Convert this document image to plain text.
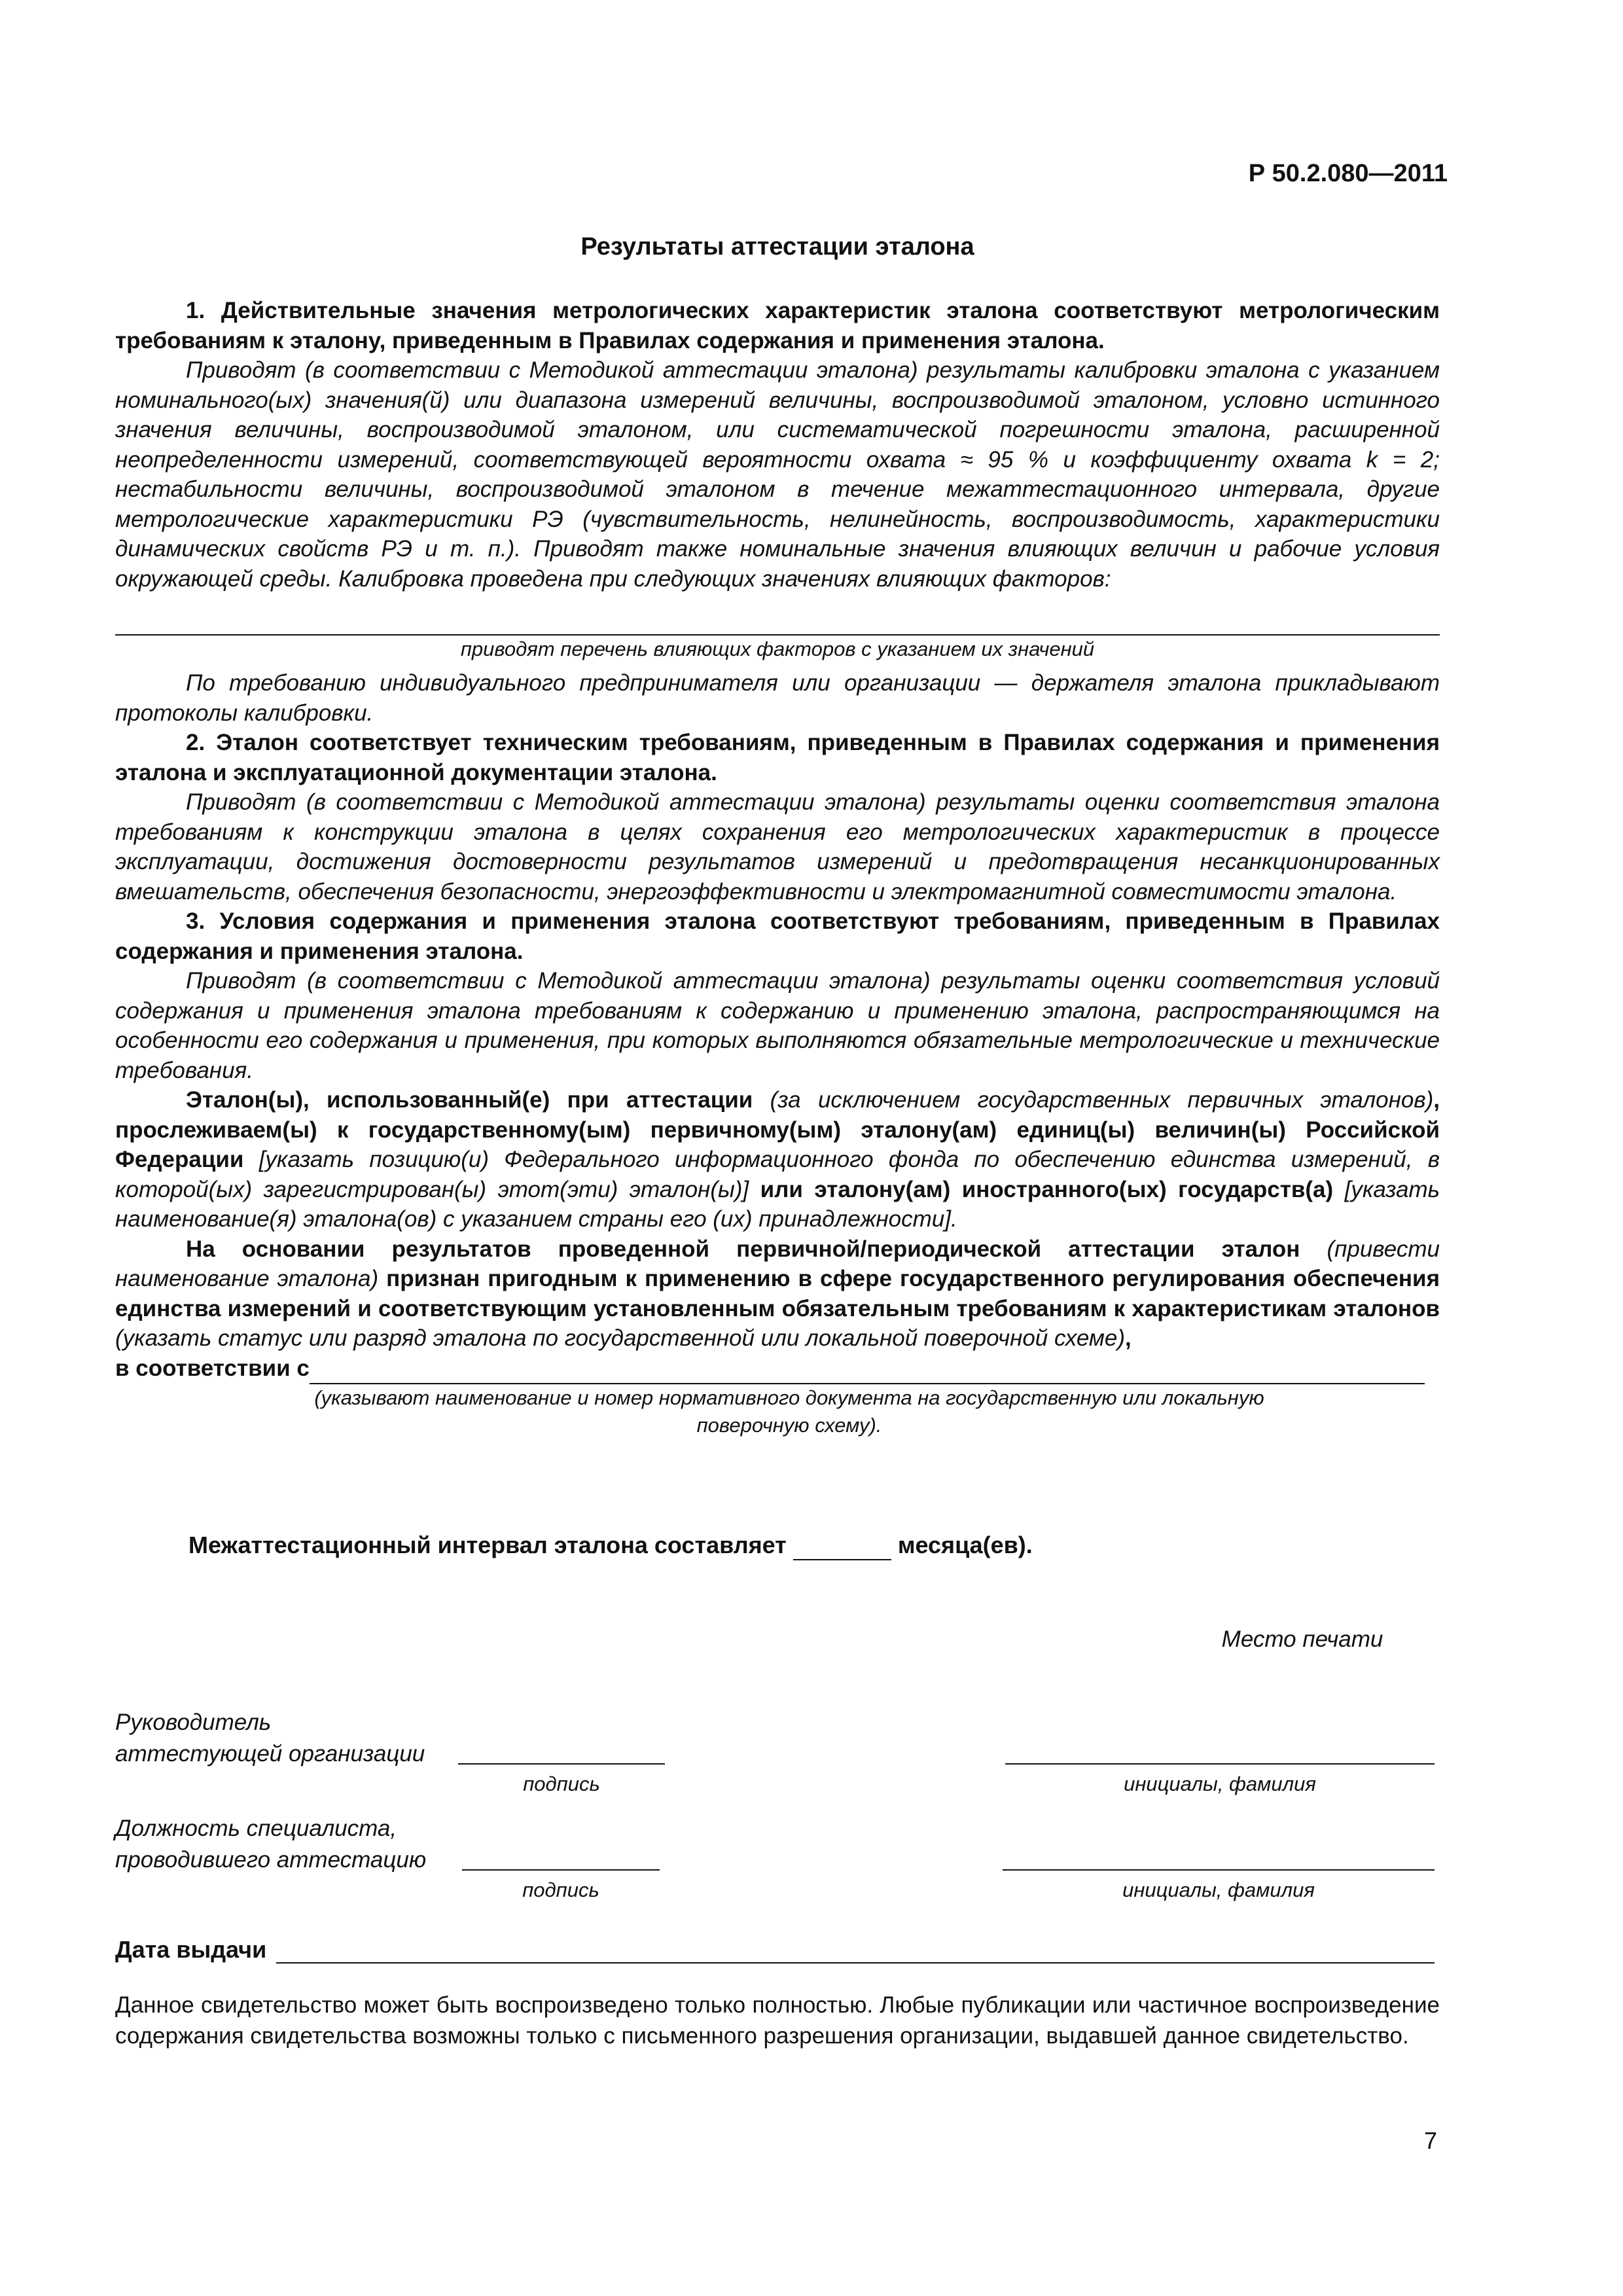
Р 50.2.080—2011
Результаты аттестации эталона

1. Действительные значения метрологических характеристик эталона соответствуют метрологическим требованиям к эталону, приведенным в Правилах содержания и применения эталона.

Приводят (в соответствии с Методикой аттестации эталона) результаты калибровки эталона с указанием номинального(ых) значения(й) или диапазона измерений величины, воспроизводимой эталоном, условно истинного значения величины, воспроизводимой эталоном, или систематической погрешности эталона, расширенной неопределенности измерений, соответствующей вероятности охвата ≈ 95 % и коэффициенту охвата k = 2; нестабильности величины, воспроизводимой эталоном в течение межаттестационного интервала, другие метрологические характеристики РЭ (чувствительность, нелинейность, воспроизводимость, характеристики динамических свойств РЭ и т. п.). Приводят также номинальные значения влияющих величин и рабочие условия окружающей среды. Калибровка проведена при следующих значениях влияющих факторов:

приводят перечень влияющих факторов с указанием их значений

По требованию индивидуального предпринимателя или организации — держателя эталона прикладывают протоколы калибровки.

2. Эталон соответствует техническим требованиям, приведенным в Правилах содержания и применения эталона и эксплуатационной документации эталона.

Приводят (в соответствии с Методикой аттестации эталона) результаты оценки соответствия эталона требованиям к конструкции эталона в целях сохранения его метрологических характеристик в процессе эксплуатации, достижения достоверности результатов измерений и предотвращения несанкционированных вмешательств, обеспечения безопасности, энергоэффективности и электромагнитной совместимости эталона.

3. Условия содержания и применения эталона соответствуют требованиям, приведенным в Правилах содержания и применения эталона.

Приводят (в соответствии с Методикой аттестации эталона) результаты оценки соответствия условий содержания и применения эталона требованиям к содержанию и применению эталона, распространяющимся на особенности его содержания и применения, при которых выполняются обязательные метрологические и технические требования.

Эталон(ы), использованный(е) при аттестации (за исключением государственных первичных эталонов), прослеживаем(ы) к государственному(ым) первичному(ым) эталону(ам) единиц(ы) величин(ы) Российской Федерации [указать позицию(и) Федерального информационного фонда по обеспечению единства измерений, в которой(ых) зарегистрирован(ы) этот(эти) эталон(ы)] или эталону(ам) иностранного(ых) государств(а) [указать наименование(я) эталона(ов) с указанием страны его (их) принадлежности].

На основании результатов проведенной первичной/периодической аттестации эталон (привести наименование эталона) признан пригодным к применению в сфере государственного регулирования обеспечения единства измерений и соответствующим установленным обязательным требованиям к характеристикам эталонов (указать статус или разряд эталона по государственной или локальной поверочной схеме),

в соответствии с

(указывают наименование и номер нормативного документа на государственную или локальную
поверочную схему).
Межаттестационный интервал эталона составляет	месяца(ев).
Место печати
Руководитель
аттестующей организации
подпись	инициалы, фамилия
Должность специалиста,
проводившего аттестацию
подпись	инициалы, фамилия
Дата выдачи
Данное свидетельство может быть воспроизведено только полностью. Любые публикации или частичное воспроизведение содержания свидетельства возможны только с письменного разрешения организации, выдавшей данное свидетельство.
7
